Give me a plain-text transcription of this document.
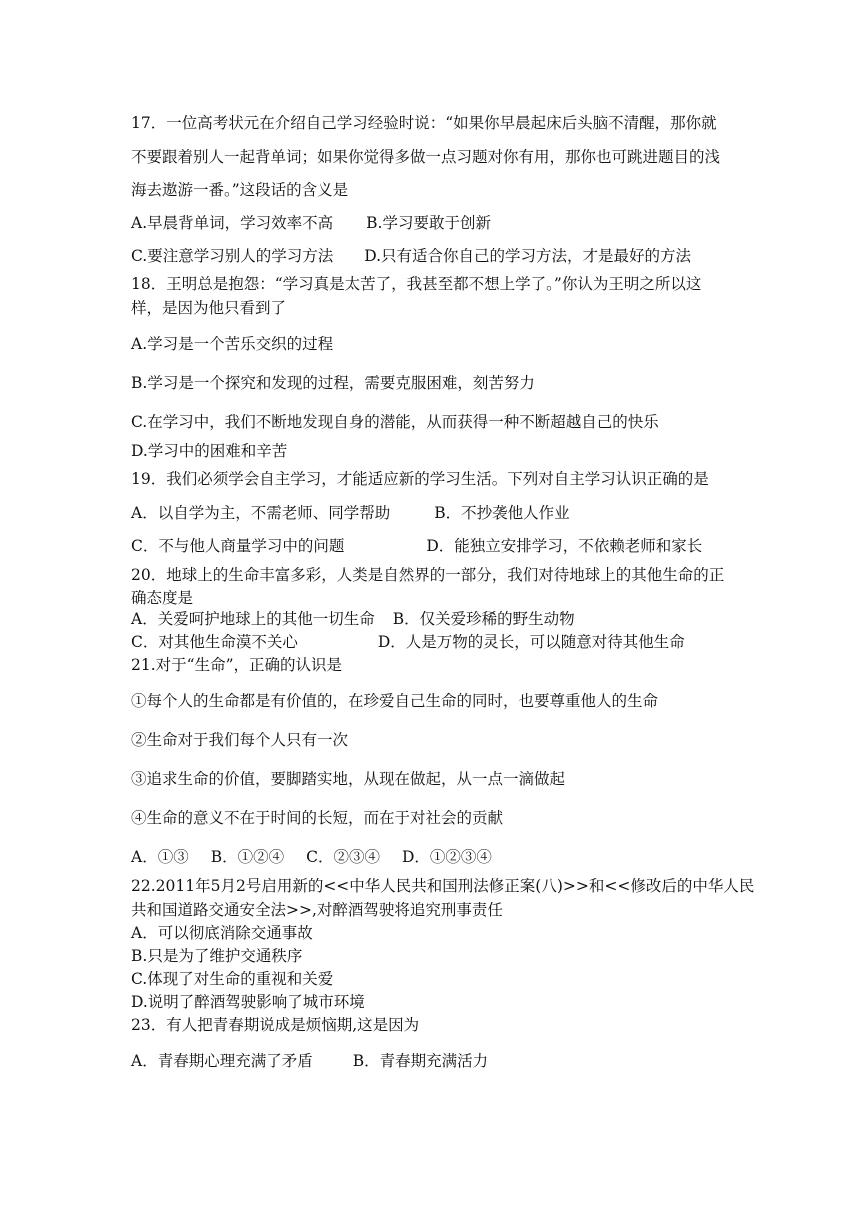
17．一位高考状元在介绍自己学习经验时说：“如果你早晨起床后头脑不清醒，那你就
不要跟着别人一起背单词；如果你觉得多做一点习题对你有用，那你也可跳进题目的浅
海去遨游一番。”这段话的含义是
A.早晨背单词，学习效率不高 B.学习要敢于创新
C.要注意学习别人的学习方法 D.只有适合你自己的学习方法，才是最好的方法
18．王明总是抱怨：“学习真是太苦了，我甚至都不想上学了。”你认为王明之所以这
样，是因为他只看到了
A.学习是一个苦乐交织的过程
B.学习是一个探究和发现的过程，需要克服困难，刻苦努力
C.在学习中，我们不断地发现自身的潜能，从而获得一种不断超越自己的快乐
D.学习中的困难和辛苦
19．我们必须学会自主学习，才能适应新的学习生活。下列对自主学习认识正确的是
A．以自学为主，不需老师、同学帮助	B．不抄袭他人作业
C．不与他人商量学习中的问题	D．能独立安排学习，不依赖老师和家长
20．地球上的生命丰富多彩，人类是自然界的一部分，我们对待地球上的其他生命的正
确态度是
A．关爱呵护地球上的其他一切生命 B．仅关爱珍稀的野生动物
C．对其他生命漠不关心	D．人是万物的灵长，可以随意对待其他生命
21.对于“生命”，正确的认识是
①每个人的生命都是有价值的，在珍爱自己生命的同时，也要尊重他人的生命
②生命对于我们每个人只有一次
③追求生命的价值，要脚踏实地，从现在做起，从一点一滴做起
④生命的意义不在于时间的长短，而在于对社会的贡献
A．①③ B．①②④ C．②③④ D．①②③④
22.2011年5月2号启用新的<<中华人民共和国刑法修正案(八)>>和<<修改后的中华人民
共和国道路交通安全法>>,对醉酒驾驶将追究刑事责任
A．可以彻底消除交通事故
B.只是为了维护交通秩序
C.体现了对生命的重视和关爱
D.说明了醉酒驾驶影响了城市环境
23．有人把青春期说成是烦恼期,这是因为
A．青春期心理充满了矛盾	B．青春期充满活力
